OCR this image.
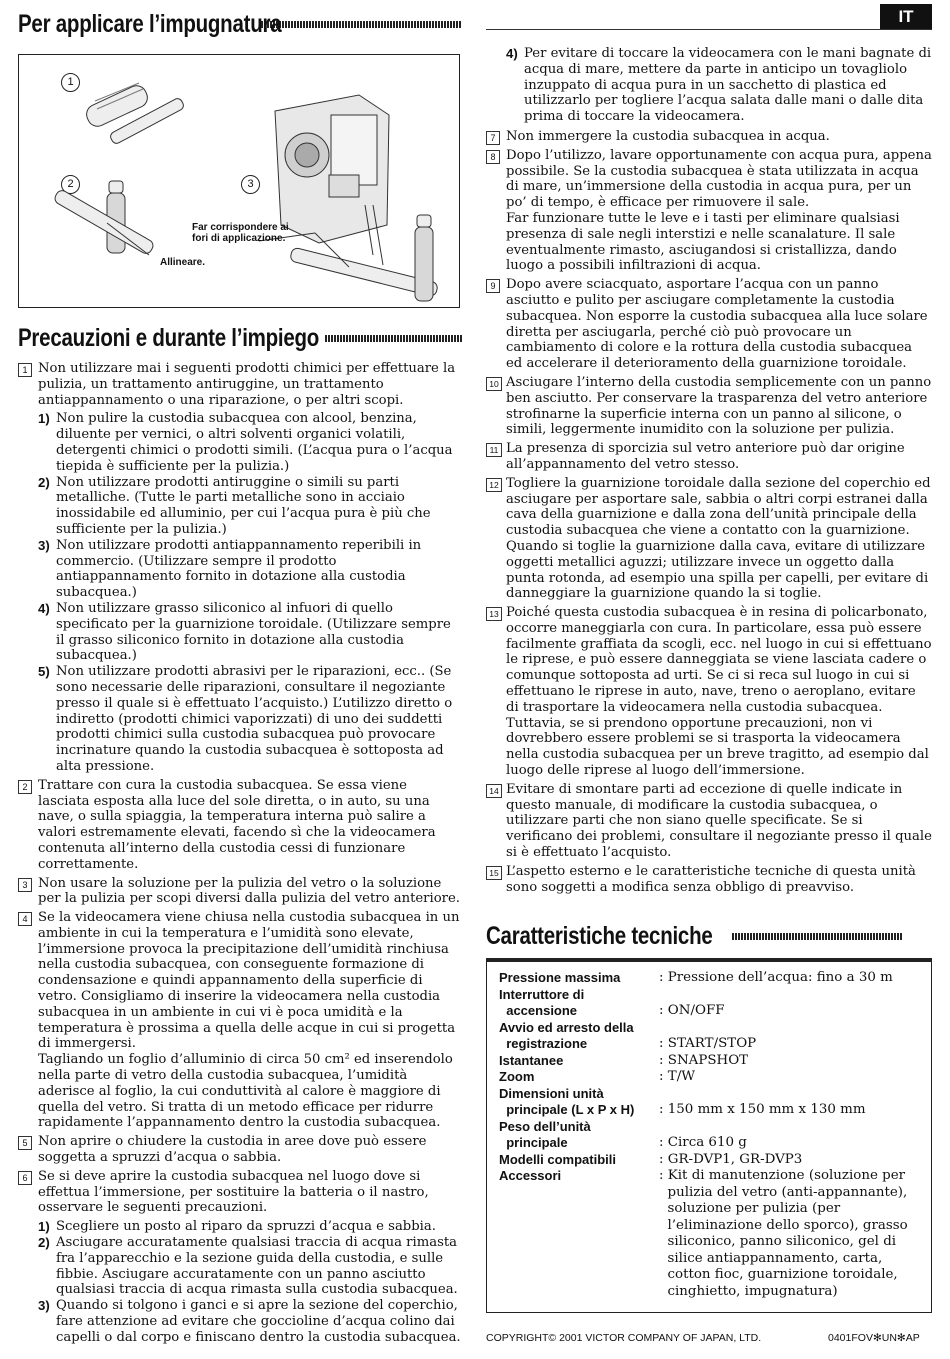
IT
Per applicare l’impugnatura
1
2	3
Allineare.
Far corrispondere ai fori di applicazione.
Precauzioni e durante l’impiego
1 Non utilizzare mai i seguenti prodotti chimici per effettuare la pulizia, un trattamento antiruggine, un trattamento antiappannamento o una riparazione, o per altri scopi.

1) Non pulire la custodia subacquea con alcool, benzina, diluente per vernici, o altri solventi organici volatili, detergenti chimici o prodotti simili. (L’acqua pura o l’acqua tiepida è sufficiente per la pulizia.)
2) Non utilizzare prodotti antiruggine o simili su parti metalliche. (Tutte le parti metalliche sono in acciaio inossidabile ed alluminio, per cui l’acqua pura è più che sufficiente per la pulizia.)
3) Non utilizzare prodotti antiappannamento reperibili in commercio. (Utilizzare sempre il prodotto antiappannamento fornito in dotazione alla custodia subacquea.)
4) Non utilizzare grasso siliconico al infuori di quello specificato per la guarnizione toroidale. (Utilizzare sempre il grasso siliconico fornito in dotazione alla custodia subacquea.)
5) Non utilizzare prodotti abrasivi per le riparazioni, ecc.. (Se sono necessarie delle riparazioni, consultare il negoziante presso il quale si è effettuato l’acquisto.) L’utilizzo diretto o indiretto (prodotti chimici vaporizzati) di uno dei suddetti prodotti chimici sulla custodia subacquea può provocare incrinature quando la custodia subacquea è sottoposta ad alta pressione.
2 Trattare con cura la custodia subacquea. Se essa viene lasciata esposta alla luce del sole diretta, o in auto, su una nave, o sulla spiaggia, la temperatura interna può salire a valori estremamente elevati, facendo sì che la videocamera contenuta all’interno della custodia cessi di funzionare correttamente.

3 Non usare la soluzione per la pulizia del vetro o la soluzione per la pulizia per scopi diversi dalla pulizia del vetro anteriore.

4 Se la videocamera viene chiusa nella custodia subacquea in un ambiente in cui la temperatura e l’umidità sono elevate, l’immersione provoca la precipitazione dell’umidità rinchiusa nella custodia subacquea, con conseguente formazione di condensazione e quindi appannamento della superficie di vetro. Consigliamo di inserire la videocamera nella custodia subacquea in un ambiente in cui vi è poca umidità e la temperatura è prossima a quella delle acque in cui si progetta di immergersi.

Tagliando un foglio d’alluminio di circa 50 cm² ed inserendolo nella parte di vetro della custodia subacquea, l’umidità aderisce al foglio, la cui conduttività al calore è maggiore di quella del vetro. Si tratta di un metodo efficace per ridurre rapidamente l’appannamento dentro la custodia subacquea.

5 Non aprire o chiudere la custodia in aree dove può essere soggetta a spruzzi d’acqua o sabbia.

6 Se si deve aprire la custodia subacquea nel luogo dove si effettua l’immersione, per sostituire la batteria o il nastro, osservare le seguenti precauzioni.

1) Scegliere un posto al riparo da spruzzi d’acqua e sabbia.
2) Asciugare accuratamente qualsiasi traccia di acqua rimasta fra l’apparecchio e la sezione guida della custodia, e sulle fibbie. Asciugare accuratamente con un panno asciutto qualsiasi traccia di acqua rimasta sulla custodia subacquea.
3) Quando si tolgono i ganci e si apre la sezione del coperchio, fare attenzione ad evitare che goccioline d’acqua colino dai capelli o dal corpo e finiscano dentro la custodia subacquea.
4) Per evitare di toccare la videocamera con le mani bagnate di acqua di mare, mettere da parte in anticipo un tovagliolo inzuppato di acqua pura in un sacchetto di plastica ed utilizzarlo per togliere l’acqua salata dalle mani o dalle dita prima di toccare la videocamera.
7 Non immergere la custodia subacquea in acqua.

8 Dopo l’utilizzo, lavare opportunamente con acqua pura, appena possibile. Se la custodia subacquea è stata utilizzata in acqua di mare, un’immersione della custodia in acqua pura, per un po’ di tempo, è efficace per rimuovere il sale.

Far funzionare tutte le leve e i tasti per eliminare qualsiasi presenza di sale negli interstizi e nelle scanalature. Il sale eventualmente rimasto, asciugandosi si cristallizza, dando luogo a possibili infiltrazioni di acqua.

9 Dopo avere sciacquato, asportare l’acqua con un panno asciutto e pulito per asciugare completamente la custodia subacquea. Non esporre la custodia subacquea alla luce solare diretta per asciugarla, perché ciò può provocare un cambiamento di colore e la rottura della custodia subacquea ed accelerare il deterioramento della guarnizione toroidale.

10 Asciugare l’interno della custodia semplicemente con un panno ben asciutto. Per conservare la trasparenza del vetro anteriore strofinarne la superficie interna con un panno al silicone, o simili, leggermente inumidito con la soluzione per pulizia.

11 La presenza di sporcizia sul vetro anteriore può dar origine all’appannamento del vetro stesso.

12 Togliere la guarnizione toroidale dalla sezione del coperchio ed asciugare per asportare sale, sabbia o altri corpi estranei dalla cava della guarnizione e dalla zona dell’unità principale della custodia subacquea che viene a contatto con la guarnizione. Quando si toglie la guarnizione dalla cava, evitare di utilizzare oggetti metallici aguzzi; utilizzare invece un oggetto dalla punta rotonda, ad esempio una spilla per capelli, per evitare di danneggiare la guarnizione quando la si toglie.

13 Poiché questa custodia subacquea è in resina di policarbonato, occorre maneggiarla con cura. In particolare, essa può essere facilmente graffiata da scogli, ecc. nel luogo in cui si effettuano le riprese, e può essere danneggiata se viene lasciata cadere o comunque sottoposta ad urti. Se ci si reca sul luogo in cui si effettuano le riprese in auto, nave, treno o aeroplano, evitare di trasportare la videocamera nella custodia subacquea. Tuttavia, se si prendono opportune precauzioni, non vi dovrebbero essere problemi se si trasporta la videocamera nella custodia subacquea per un breve tragitto, ad esempio dal luogo delle riprese al luogo dell’immersione.

14 Evitare di smontare parti ad eccezione di quelle indicate in questo manuale, di modificare la custodia subacquea, o utilizzare parti che non siano quelle specificate. Se si verificano dei problemi, consultare il negoziante presso il quale si è effettuato l’acquisto.

15 L’aspetto esterno e le caratteristiche tecniche di questa unità sono soggetti a modifica senza obbligo di preavviso.

Caratteristiche tecniche
Pressione massima	: Pressione dell’acqua: fino a 30 m
Interruttore di
accensione	
: ON/OFF
Avvio ed arresto della
registrazione	
: START/STOP
Istantanee	: SNAPSHOT
Zoom	: T/W
Dimensioni unità
principale (L x P x H)	
: 150 mm x 150 mm x 130 mm
Peso dell’unità
principale	
: Circa 610 g
Modelli compatibili	: GR-DVP1, GR-DVP3
Accessori	: Kit di manutenzione (soluzione per
pulizia del vetro (anti-appannante),
soluzione per pulizia (per
l’eliminazione dello sporco), grasso
siliconico, panno siliconico, gel di
silice antiappannamento, carta,
cotton fioc, guarnizione toroidale,
cinghietto, impugnatura)
COPYRIGHT© 2001 VICTOR COMPANY OF JAPAN, LTD.	0401FOV✻UN✻AP
